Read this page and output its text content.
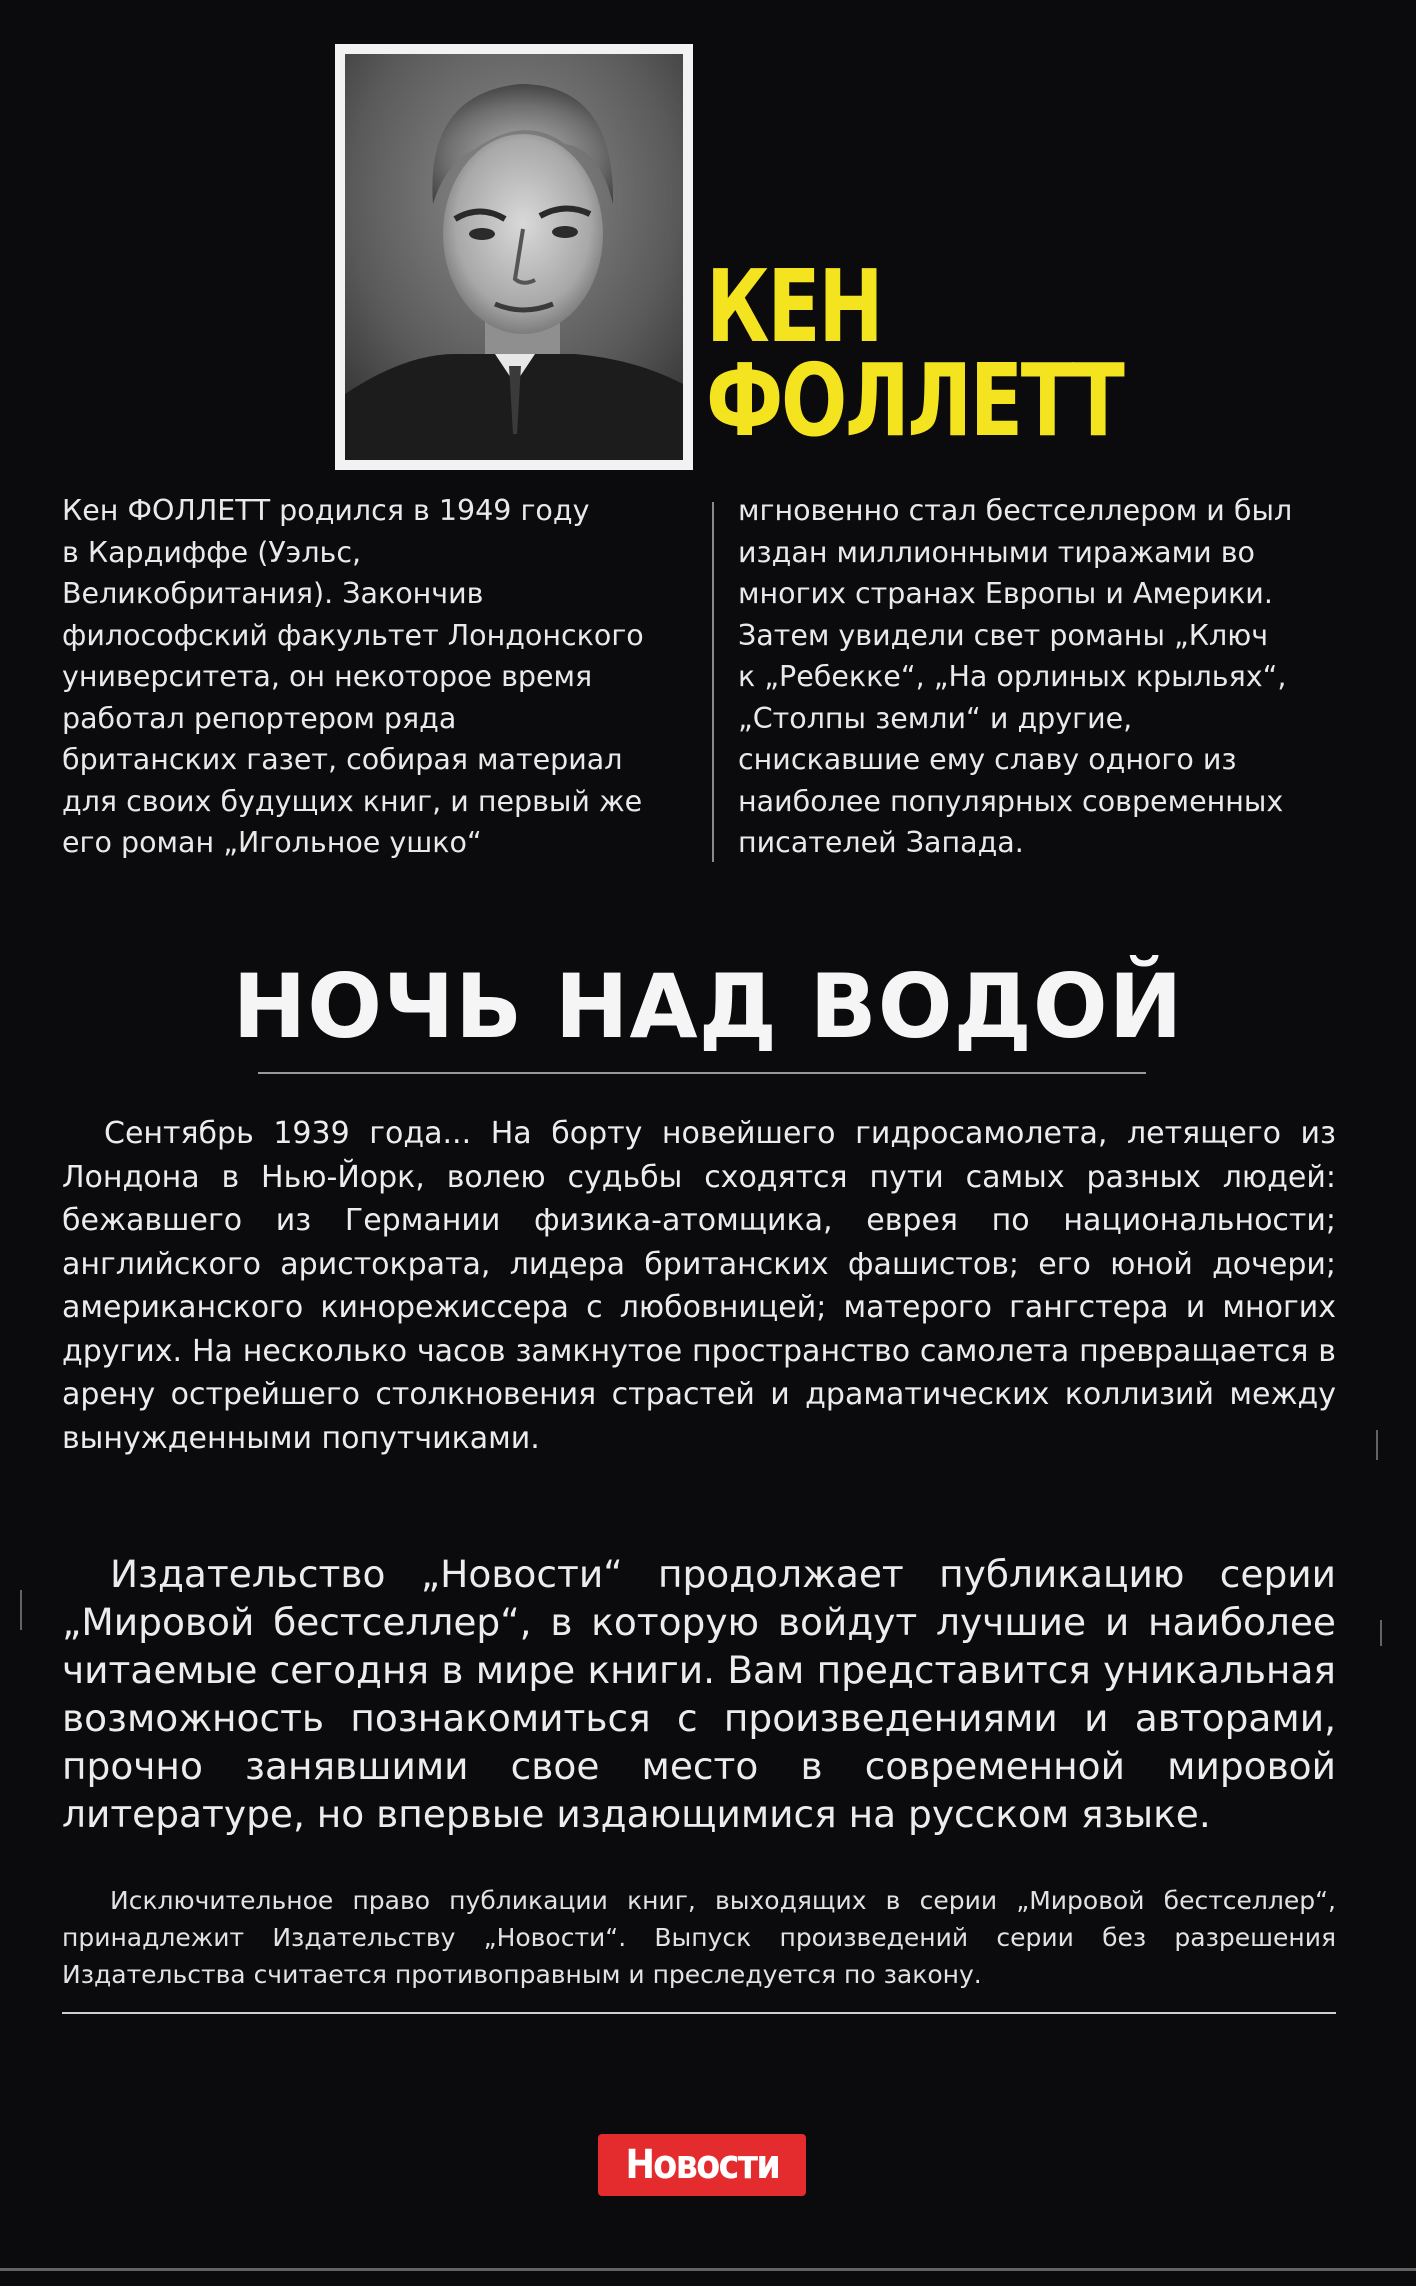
КЕН
ФОЛЛЕТТ

Кен ФОЛЛЕТТ родился в 1949 году
в Кардиффе (Уэльс,
Великобритания). Закончив
философский факультет Лондонского
университета, он некоторое время
работал репортером ряда
британских газет, собирая материал
для своих будущих книг, и первый же
его роман „Игольное ушко“

мгновенно стал бестселлером и был
издан миллионными тиражами во
многих странах Европы и Америки.
Затем увидели свет романы „Ключ
к „Ребекке“, „На орлиных крыльях“,
„Столпы земли“ и другие,
снискавшие ему славу одного из
наиболее популярных современных
писателей Запада.

НОЧЬ НАД ВОДОЙ

Сентябрь 1939 года... На борту новейшего гидросамолета, летящего из Лондона в Нью-Йорк, волею судьбы сходятся пути самых разных людей: бежавшего из Германии физика-атомщика, еврея по национальности; английского аристократа, лидера британских фашистов; его юной дочери; американского кинорежиссера с любовницей; матерого гангстера и многих других. На несколько часов замкнутое пространство самолета превращается в арену острейшего столкновения страстей и драматических коллизий между вынужденными попутчиками.

Издательство „Новости“ продолжает публикацию серии „Мировой бестселлер“, в которую войдут лучшие и наиболее читаемые сегодня в мире книги. Вам представится уникальная возможность познакомиться с произведениями и авторами, прочно занявшими свое место в современной мировой литературе, но впервые издающимися на русском языке.

Исключительное право публикации книг, выходящих в серии „Мировой бестселлер“, принадлежит Издательству „Новости“. Выпуск произведений серии без разрешения Издательства считается противоправным и преследуется по закону.

Новости
